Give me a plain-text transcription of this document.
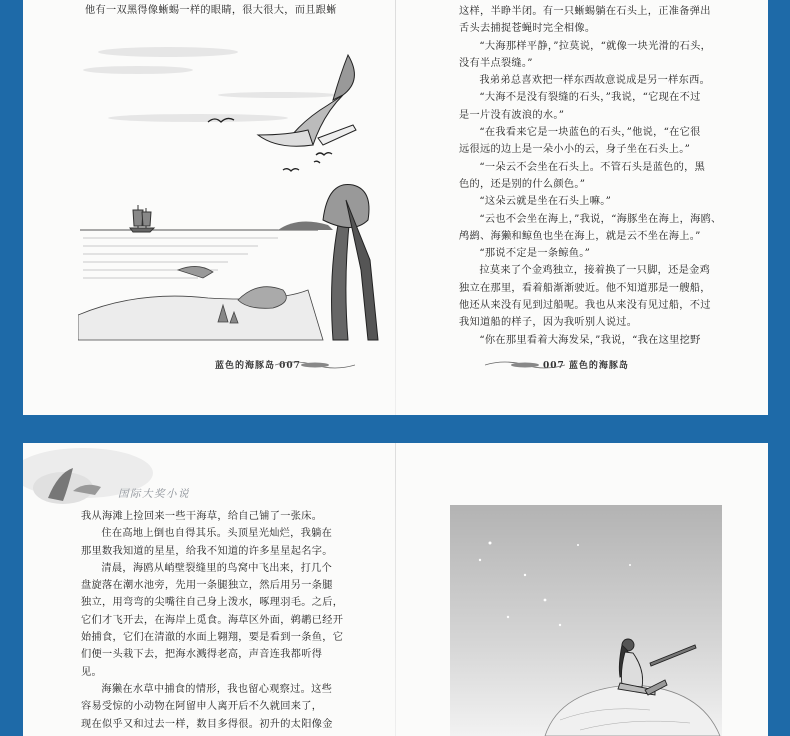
他有一双黑得像蜥蜴一样的眼睛，很大很大，而且跟蜥
蓝色的海豚岛 007

这样，半睁半闭。有一只蜥蜴躺在石头上，正准备弹出

舌头去捕捉苍蝇时完全相像。

“大海那样平静，”拉莫说，“就像一块光滑的石头，

没有半点裂缝。”

我弟弟总喜欢把一样东西故意说成是另一样东西。

“大海不是没有裂缝的石头，”我说，“它现在不过

是一片没有波浪的水。”

“在我看来它是一块蓝色的石头，”他说，“在它很

远很远的边上是一朵小小的云，身子坐在石头上。”

“一朵云不会坐在石头上。不管石头是蓝色的，黑

色的，还是别的什么颜色。”

“这朵云就是坐在石头上嘛。”

“云也不会坐在海上，”我说，“海豚坐在海上，海鸥、

鸬鹚、海獭和鲸鱼也坐在海上，就是云不坐在海上。”

“那说不定是一条鲸鱼。”

拉莫来了个金鸡独立，接着换了一只脚，还是金鸡

独立在那里，看着船渐渐驶近。他不知道那是一艘船，

他还从来没有见到过船呢。我也从来没有见过船，不过

我知道船的样子，因为我听别人说过。

“你在那里看着大海发呆，”我说，“我在这里挖野

007 蓝色的海豚岛
国际大奖小说

我从海滩上捡回来一些干海草，给自己铺了一张床。

住在高地上倒也自得其乐。头顶星光灿烂，我躺在

那里数我知道的星星，给我不知道的许多星星起名字。

清晨，海鸥从峭壁裂缝里的鸟窝中飞出来，打几个

盘旋落在潮水池旁，先用一条腿独立，然后用另一条腿

独立，用弯弯的尖嘴往自己身上泼水，啄理羽毛。之后，

它们才飞开去，在海岸上觅食。海草区外面，鹈鹕已经开

始捕食，它们在清澈的水面上翱翔，要是看到一条鱼，它

们便一头栽下去，把海水溅得老高，声音连我都听得

见。

海獭在水草中捕食的情形，我也留心观察过。这些

容易受惊的小动物在阿留申人离开后不久就回来了，

现在似乎又和过去一样，数目多得很。初升的太阳像金
